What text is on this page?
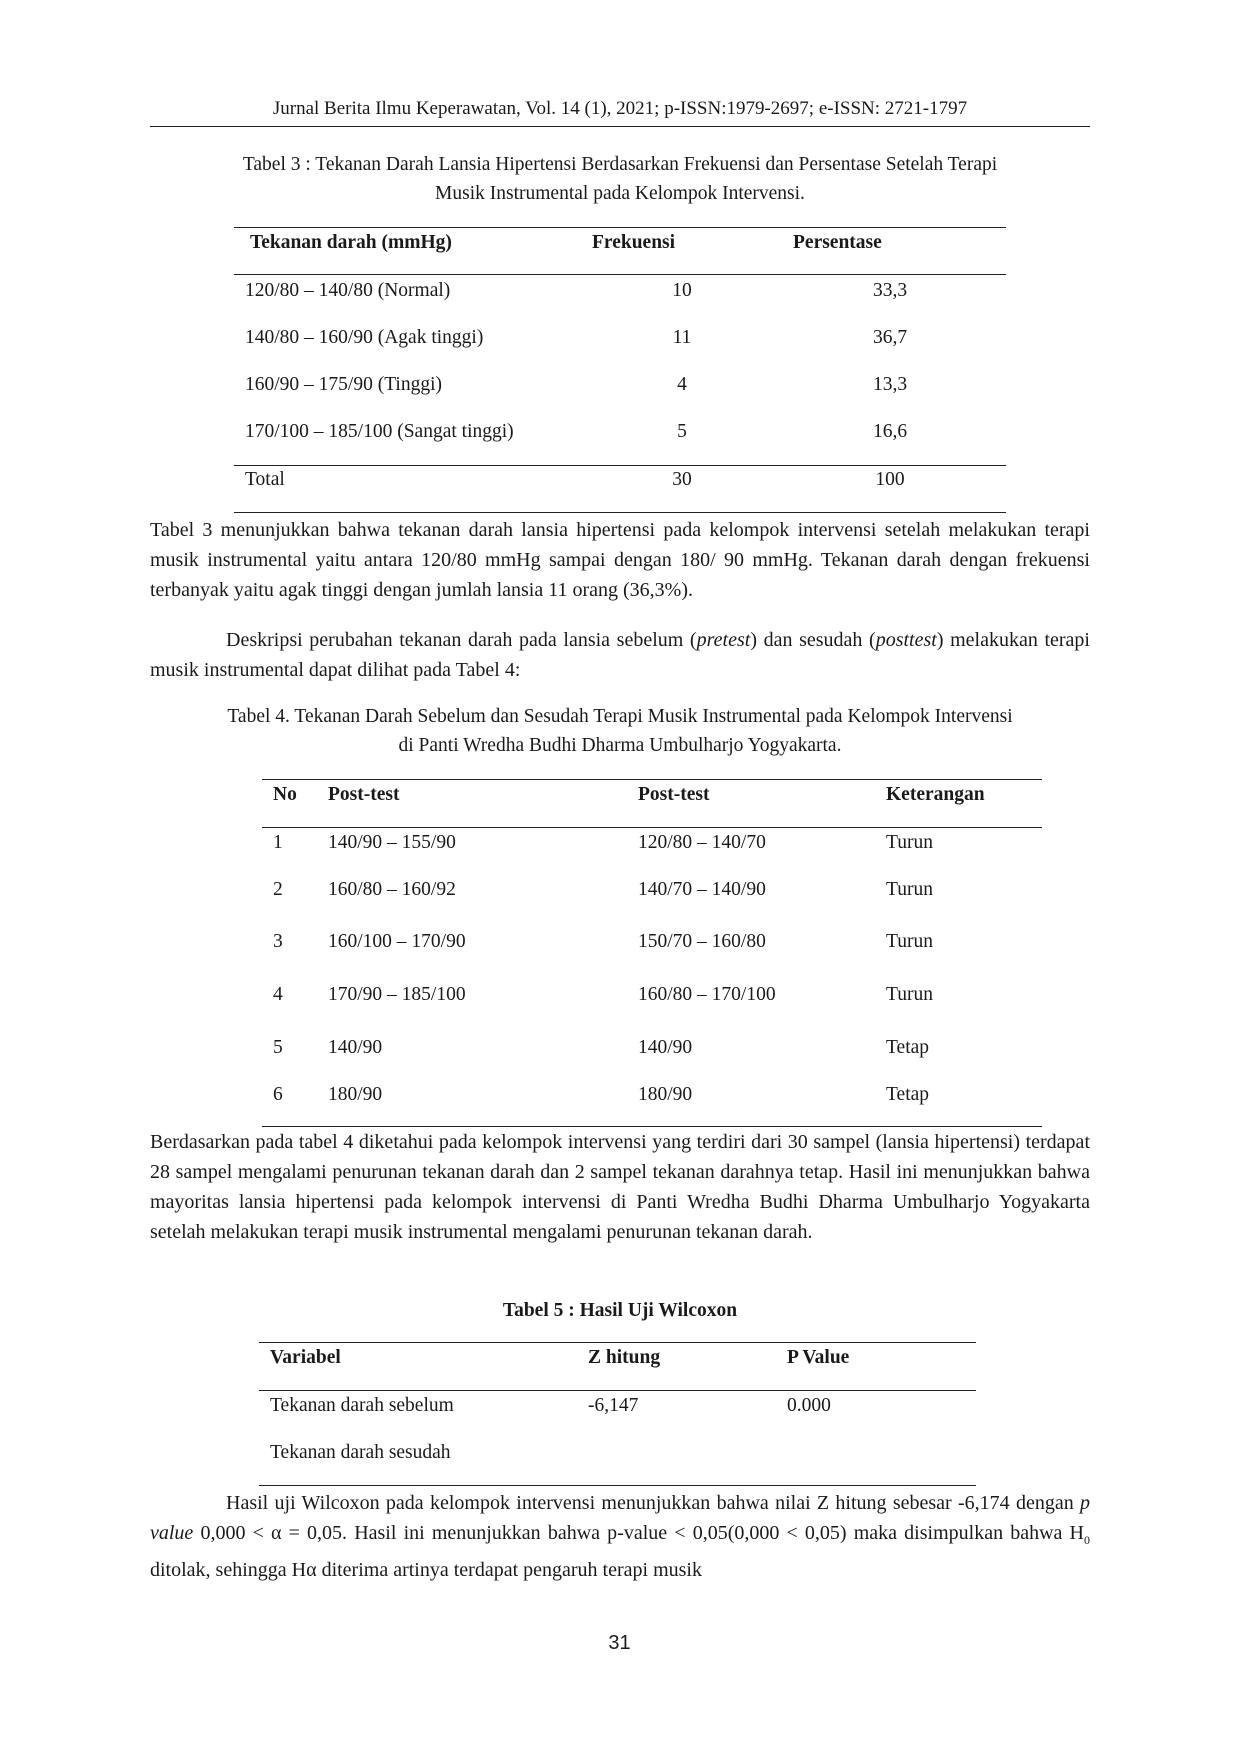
Jurnal Berita Ilmu Keperawatan, Vol. 14 (1), 2021; p-ISSN:1979-2697; e-ISSN: 2721-1797
Tabel 3 : Tekanan Darah Lansia Hipertensi Berdasarkan Frekuensi dan Persentase Setelah Terapi
Musik Instrumental pada Kelompok Intervensi.
Tekanan darah (mmHg)	Frekuensi	Persentase
120/80 – 140/80 (Normal)	10	33,3
140/80 – 160/90 (Agak tinggi)	11	36,7
160/90 – 175/90 (Tinggi)	4	13,3
170/100 – 185/100 (Sangat tinggi)	5	16,6
Total	30	100
Tabel 3 menunjukkan bahwa tekanan darah lansia hipertensi pada kelompok intervensi setelah melakukan terapi musik instrumental yaitu antara 120/80 mmHg sampai dengan 180/ 90 mmHg. Tekanan darah dengan frekuensi terbanyak yaitu agak tinggi dengan jumlah lansia 11 orang (36,3%).
Deskripsi perubahan tekanan darah pada lansia sebelum (pretest) dan sesudah (posttest) melakukan terapi musik instrumental dapat dilihat pada Tabel 4:
Tabel 4. Tekanan Darah Sebelum dan Sesudah Terapi Musik Instrumental pada Kelompok Intervensi
di Panti Wredha Budhi Dharma Umbulharjo Yogyakarta.
No Post-test	Post-test	Keterangan
1 140/90 – 155/90	120/80 – 140/70	Turun
2 160/80 – 160/92	140/70 – 140/90	Turun
3 160/100 – 170/90	150/70 – 160/80	Turun
4 170/90 – 185/100	160/80 – 170/100	Turun
5 140/90	140/90	Tetap
6 180/90	180/90	Tetap
Berdasarkan pada tabel 4 diketahui pada kelompok intervensi yang terdiri dari 30 sampel (lansia hipertensi) terdapat 28 sampel mengalami penurunan tekanan darah dan 2 sampel tekanan darahnya tetap. Hasil ini menunjukkan bahwa mayoritas lansia hipertensi pada kelompok intervensi di Panti Wredha Budhi Dharma Umbulharjo Yogyakarta setelah melakukan terapi musik instrumental mengalami penurunan tekanan darah.
Tabel 5 : Hasil Uji Wilcoxon
Variabel	Z hitung	P Value
Tekanan darah sebelum	-6,147	0.000
Tekanan darah sesudah
Hasil uji Wilcoxon pada kelompok intervensi menunjukkan bahwa nilai Z hitung sebesar -6,174 dengan p value 0,000 < α = 0,05. Hasil ini menunjukkan bahwa p-value < 0,05(0,000 < 0,05) maka disimpulkan bahwa $H_0$ ditolak, sehingga Hα diterima artinya terdapat pengaruh terapi musik
31
